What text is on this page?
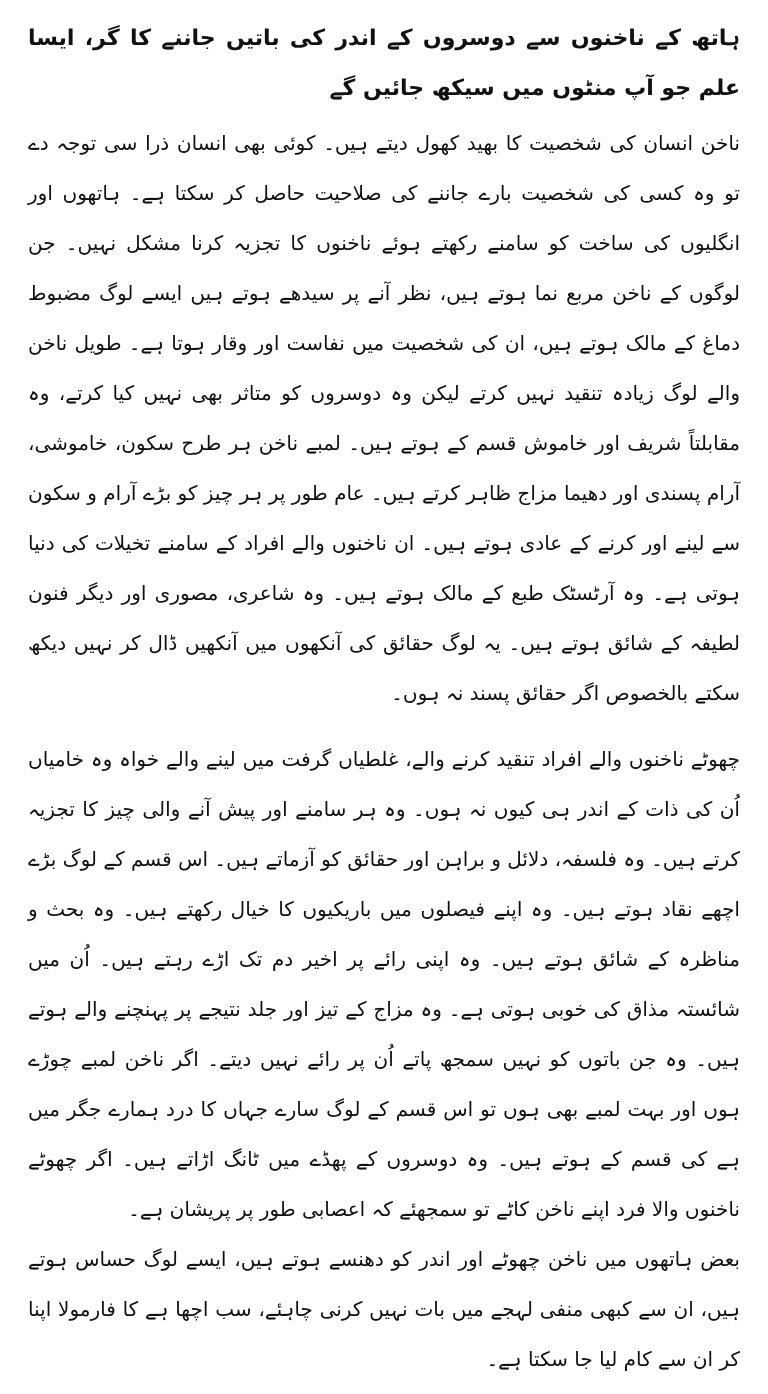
ہاتھ کے ناخنوں سے دوسروں کے اندر کی باتیں جاننے کا گر، ایسا علم جو آپ منٹوں میں سیکھ جائیں گے

ناخن انسان کی شخصیت کا بھید کھول دیتے ہیں۔ کوئی بھی انسان ذرا سی توجہ دے تو وہ کسی کی شخصیت بارے جاننے کی صلاحیت حاصل کر سکتا ہے۔ ہاتھوں اور انگلیوں کی ساخت کو سامنے رکھتے ہوئے ناخنوں کا تجزیہ کرنا مشکل نہیں۔ جن لوگوں کے ناخن مربع نما ہوتے ہیں، نظر آنے پر سیدھے ہوتے ہیں ایسے لوگ مضبوط دماغ کے مالک ہوتے ہیں، ان کی شخصیت میں نفاست اور وقار ہوتا ہے۔ طویل ناخن والے لوگ زیادہ تنقید نہیں کرتے لیکن وہ دوسروں کو متاثر بھی نہیں کیا کرتے، وہ مقابلتاً شریف اور خاموش قسم کے ہوتے ہیں۔ لمبے ناخن ہر طرح سکون، خاموشی، آرام پسندی اور دھیما مزاج ظاہر کرتے ہیں۔ عام طور پر ہر چیز کو بڑے آرام و سکون سے لینے اور کرنے کے عادی ہوتے ہیں۔ ان ناخنوں والے افراد کے سامنے تخیلات کی دنیا ہوتی ہے۔ وہ آرٹسٹک طبع کے مالک ہوتے ہیں۔ وہ شاعری، مصوری اور دیگر فنون لطیفہ کے شائق ہوتے ہیں۔ یہ لوگ حقائق کی آنکھوں میں آنکھیں ڈال کر نہیں دیکھ سکتے بالخصوص اگر حقائق پسند نہ ہوں۔

چھوٹے ناخنوں والے افراد تنقید کرنے والے، غلطیاں گرفت میں لینے والے خواہ وہ خامیاں اُن کی ذات کے اندر ہی کیوں نہ ہوں۔ وہ ہر سامنے اور پیش آنے والی چیز کا تجزیہ کرتے ہیں۔ وہ فلسفہ، دلائل و براہن اور حقائق کو آزماتے ہیں۔ اس قسم کے لوگ بڑے اچھے نقاد ہوتے ہیں۔ وہ اپنے فیصلوں میں باریکیوں کا خیال رکھتے ہیں۔ وہ بحث و مناظرہ کے شائق ہوتے ہیں۔ وہ اپنی رائے پر اخیر دم تک اڑے رہتے ہیں۔ اُن میں شائستہ مذاق کی خوبی ہوتی ہے۔ وہ مزاج کے تیز اور جلد نتیجے پر پہنچنے والے ہوتے ہیں۔ وہ جن باتوں کو نہیں سمجھ پاتے اُن پر رائے نہیں دیتے۔ اگر ناخن لمبے چوڑے ہوں اور بہت لمبے بھی ہوں تو اس قسم کے لوگ سارے جہاں کا درد ہمارے جگر میں ہے کی قسم کے ہوتے ہیں۔ وہ دوسروں کے پھڈے میں ٹانگ اڑاتے ہیں۔ اگر چھوٹے ناخنوں والا فرد اپنے ناخن کاٹے تو سمجھئے کہ اعصابی طور پر پریشان ہے۔

بعض ہاتھوں میں ناخن چھوٹے اور اندر کو دھنسے ہوتے ہیں، ایسے لوگ حساس ہوتے ہیں، ان سے کبھی منفی لہجے میں بات نہیں کرنی چاہئے، سب اچھا ہے کا فارمولا اپنا کر ان سے کام لیا جا سکتا ہے۔
